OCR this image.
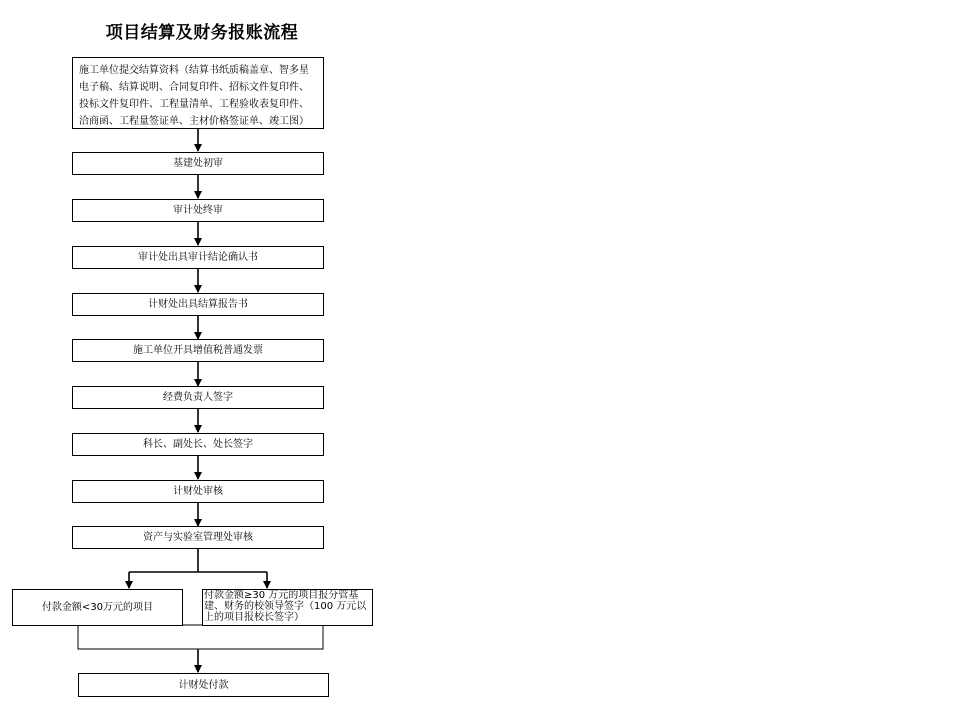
项目结算及财务报账流程
施工单位提交结算资料（结算书纸质稿盖章、智多星电子稿、结算说明、合同复印件、招标文件复印件、投标文件复印件、工程量清单、工程验收表复印件、洽商函、工程量签证单、主材价格签证单、竣工图）
基建处初审
审计处终审
审计处出具审计结论确认书
计财处出具结算报告书
施工单位开具增值税普通发票
经费负责人签字
科长、副处长、处长签字
计财处审核
资产与实验室管理处审核
付款金额<30万元的项目
付款金额≥30 万元的项目报分管基建、财务的校领导签字（100 万元以上的项目报校长签字）
计财处付款
